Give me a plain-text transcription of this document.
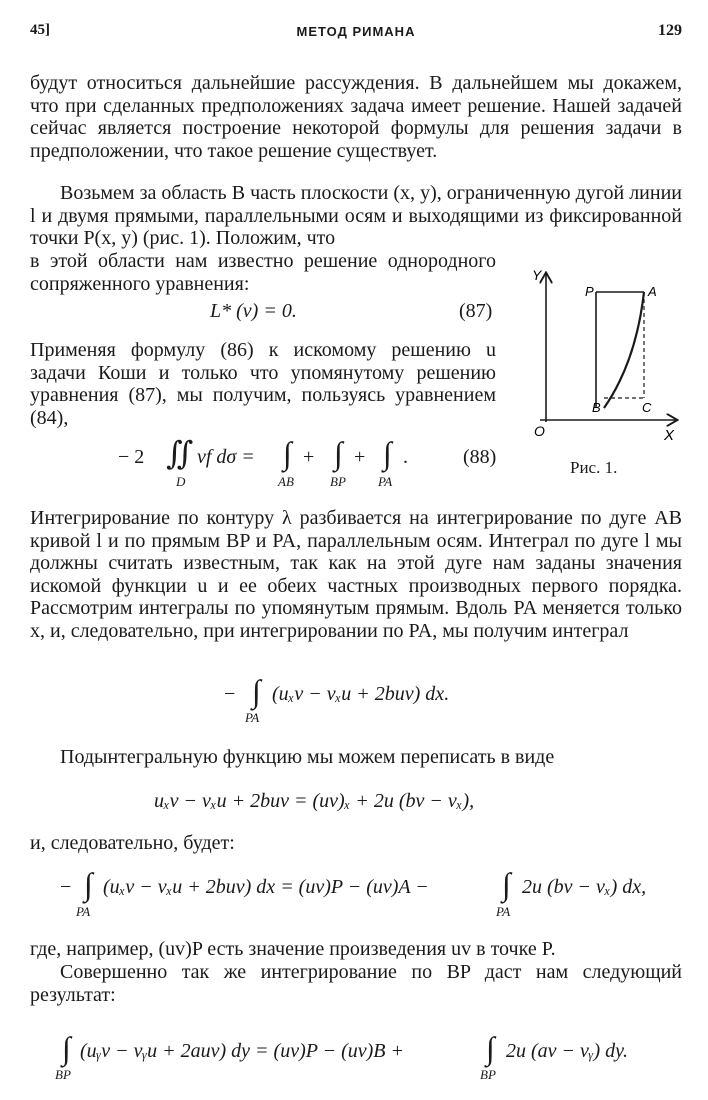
45]	МЕТОД РИМАНА	129
будут относиться дальнейшие рассуждения. В дальнейшем мы докажем, что при сделанных предположениях задача имеет решение. Нашей задачей сейчас является построение некоторой формулы для решения задачи в предположении, что такое решение существует.
Возьмем за область B часть плоскости (x, y), ограниченную дугой линии l и двумя прямыми, параллельными осям и выходящими из фиксированной точки P(x, y) (рис. 1). Положим, что
в этой области нам известно решение однородного сопряженного уравнения:
L* (v) = 0.	(87)
Применяя формулу (86) к искомому решению u задачи Коши и только что упомянутому решению уравнения (87), мы получим, пользуясь уравнением (84),
− 2 ∬ vf dσ =
D
∫
AB
+ ∫
BP
+ ∫
PA
.	(88)
Y
X
O
P	A
B	C
Рис. 1.
Интегрирование по контуру λ разбивается на интегрирование по дуге AB кривой l и по прямым BP и PA, параллельным осям. Интеграл по дуге l мы должны считать известным, так как на этой дуге нам заданы значения искомой функции u и ее обеих частных производных первого порядка. Рассмотрим интегралы по упомянутым прямым. Вдоль PA меняется только x, и, следовательно, при интегрировании по PA, мы получим интеграл
− ∫ (uₓv − vₓu + 2buv) dx.
PA
Подынтегральную функцию мы можем переписать в виде
uₓv − vₓu + 2buv = (uv)ₓ + 2u (bv − vₓ),
и, следовательно, будет:
− ∫ (uₓv − vₓu + 2buv) dx = (uv)P − (uv)A −
PA
∫ 2u (bv − vₓ) dx,
PA
где, например, (uv)P есть значение произведения uv в точке P.
Совершенно так же интегрирование по BP даст нам следующий результат:
∫ (uᵧv − vᵧu + 2auv) dy = (uv)P − (uv)B +
BP
∫ 2u (av − vᵧ) dy.
BP
